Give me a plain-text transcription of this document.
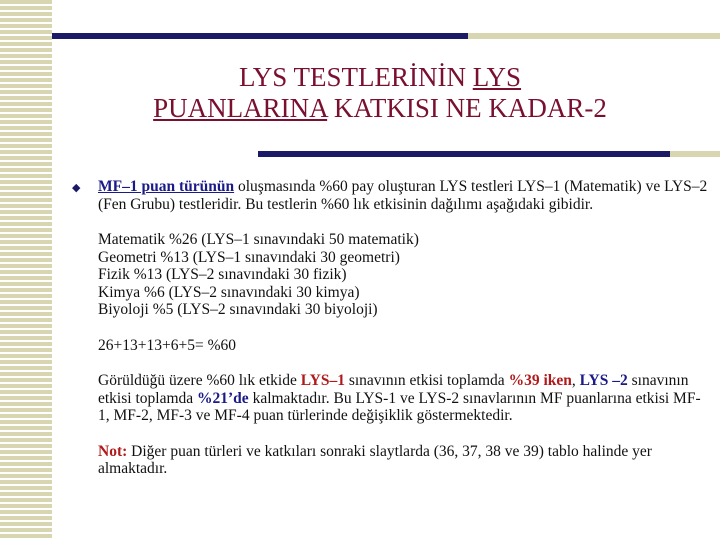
LYS TESTLERİNİN LYS
PUANLARINA KATKISI NE KADAR-2
◆ MF–1 puan türünün oluşmasında %60 pay oluşturan LYS testleri LYS–1 (Matematik) ve LYS–2 (Fen Grubu) testleridir. Bu testlerin %60 lık etkisinin dağılımı aşağıdaki gibidir.

Matematik %26 (LYS–1 sınavındaki 50 matematik)
Geometri %13 (LYS–1 sınavındaki 30 geometri)
Fizik %13 (LYS–2 sınavındaki 30 fizik)
Kimya %6 (LYS–2 sınavındaki 30 kimya)
Biyoloji %5 (LYS–2 sınavındaki 30 biyoloji)

26+13+13+6+5= %60

Görüldüğü üzere %60 lık etkide LYS–1 sınavının etkisi toplamda %39 iken, LYS –2 sınavının etkisi toplamda %21’de kalmaktadır. Bu LYS-1 ve LYS-2 sınavlarının MF puanlarına etkisi MF-1, MF-2, MF-3 ve MF-4 puan türlerinde değişiklik göstermektedir.

Not: Diğer puan türleri ve katkıları sonraki slaytlarda (36, 37, 38 ve 39) tablo halinde yer almaktadır.
